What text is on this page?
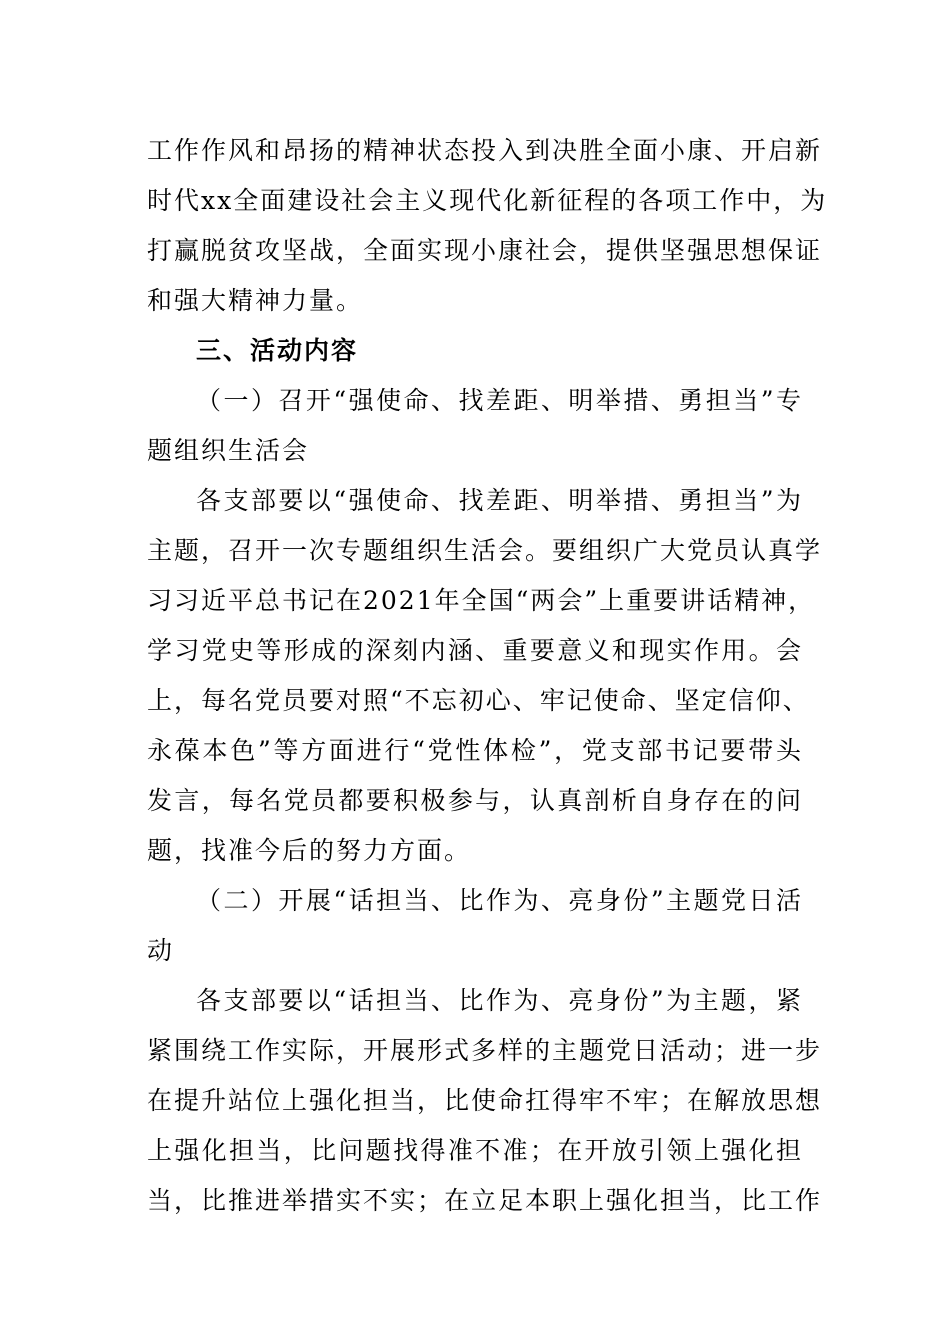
工作作风和昂扬的精神状态投入到决胜全面小康、开启新
时代xx全面建设社会主义现代化新征程的各项工作中，为
打赢脱贫攻坚战，全面实现小康社会，提供坚强思想保证
和强大精神力量。
三、活动内容
（一）召开“强使命、找差距、明举措、勇担当”专
题组织生活会
各支部要以“强使命、找差距、明举措、勇担当”为
主题，召开一次专题组织生活会。要组织广大党员认真学
习习近平总书记在2021年全国“两会”上重要讲话精神，
学习党史等形成的深刻内涵、重要意义和现实作用。会
上，每名党员要对照“不忘初心、牢记使命、坚定信仰、
永葆本色”等方面进行“党性体检”，党支部书记要带头
发言，每名党员都要积极参与，认真剖析自身存在的问
题，找准今后的努力方面。
（二）开展“话担当、比作为、亮身份”主题党日活
动
各支部要以“话担当、比作为、亮身份”为主题，紧
紧围绕工作实际，开展形式多样的主题党日活动；进一步
在提升站位上强化担当，比使命扛得牢不牢；在解放思想
上强化担当，比问题找得准不准；在开放引领上强化担
当，比推进举措实不实；在立足本职上强化担当，比工作
